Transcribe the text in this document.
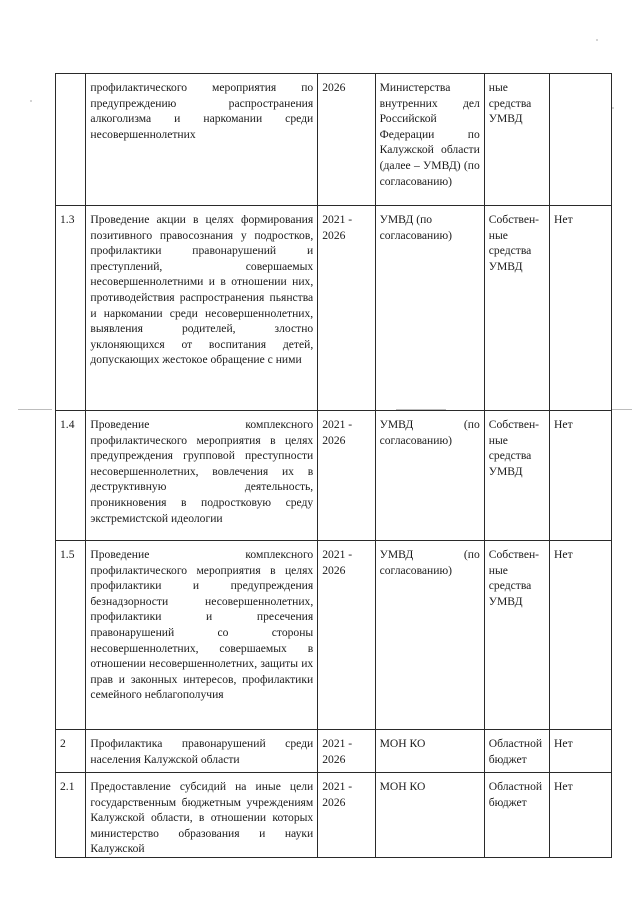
	профилактического мероприятия по предупреждению распространения алкоголизма и наркомании среди несовершеннолетних	2026	Министерства внутренних дел Российской Федерации по Калужской области (далее – УМВД) (по согласованию)	ные средства УМВД	
1.3	Проведение акции в целях формирования позитивного правосознания у подростков, профилактики правонарушений и преступлений, совершаемых несовершеннолетними и в отношении них, противодействия распространения пьянства и наркомании среди несовершеннолетних, выявления родителей, злостно уклоняющихся от воспитания детей, допускающих жестокое обращение с ними	2021 - 2026	УМВД (по согласованию)	Собствен-ные средства УМВД	Нет
1.4	Проведение комплексного профилактического мероприятия в целях предупреждения групповой преступности несовершеннолетних, вовлечения их в деструктивную деятельность, проникновения в подростковую среду экстремистской идеологии	2021 - 2026	УМВД (по согласованию)	Собствен-ные средства УМВД	Нет
1.5	Проведение комплексного профилактического мероприятия в целях профилактики и предупреждения безнадзорности несовершеннолетних, профилактики и пресечения правонарушений со стороны несовершеннолетних, совершаемых в отношении несовершеннолетних, защиты их прав и законных интересов, профилактики семейного неблагополучия	2021 - 2026	УМВД (по согласованию)	Собствен-ные средства УМВД	Нет
2	Профилактика правонарушений среди населения Калужской области	2021 - 2026	МОН КО	Областной бюджет	Нет
2.1	Предоставление субсидий на иные цели государственным бюджетным учреждениям Калужской области, в отношении которых министерство образования и науки Калужской	2021 - 2026	МОН КО	Областной бюджет	Нет
